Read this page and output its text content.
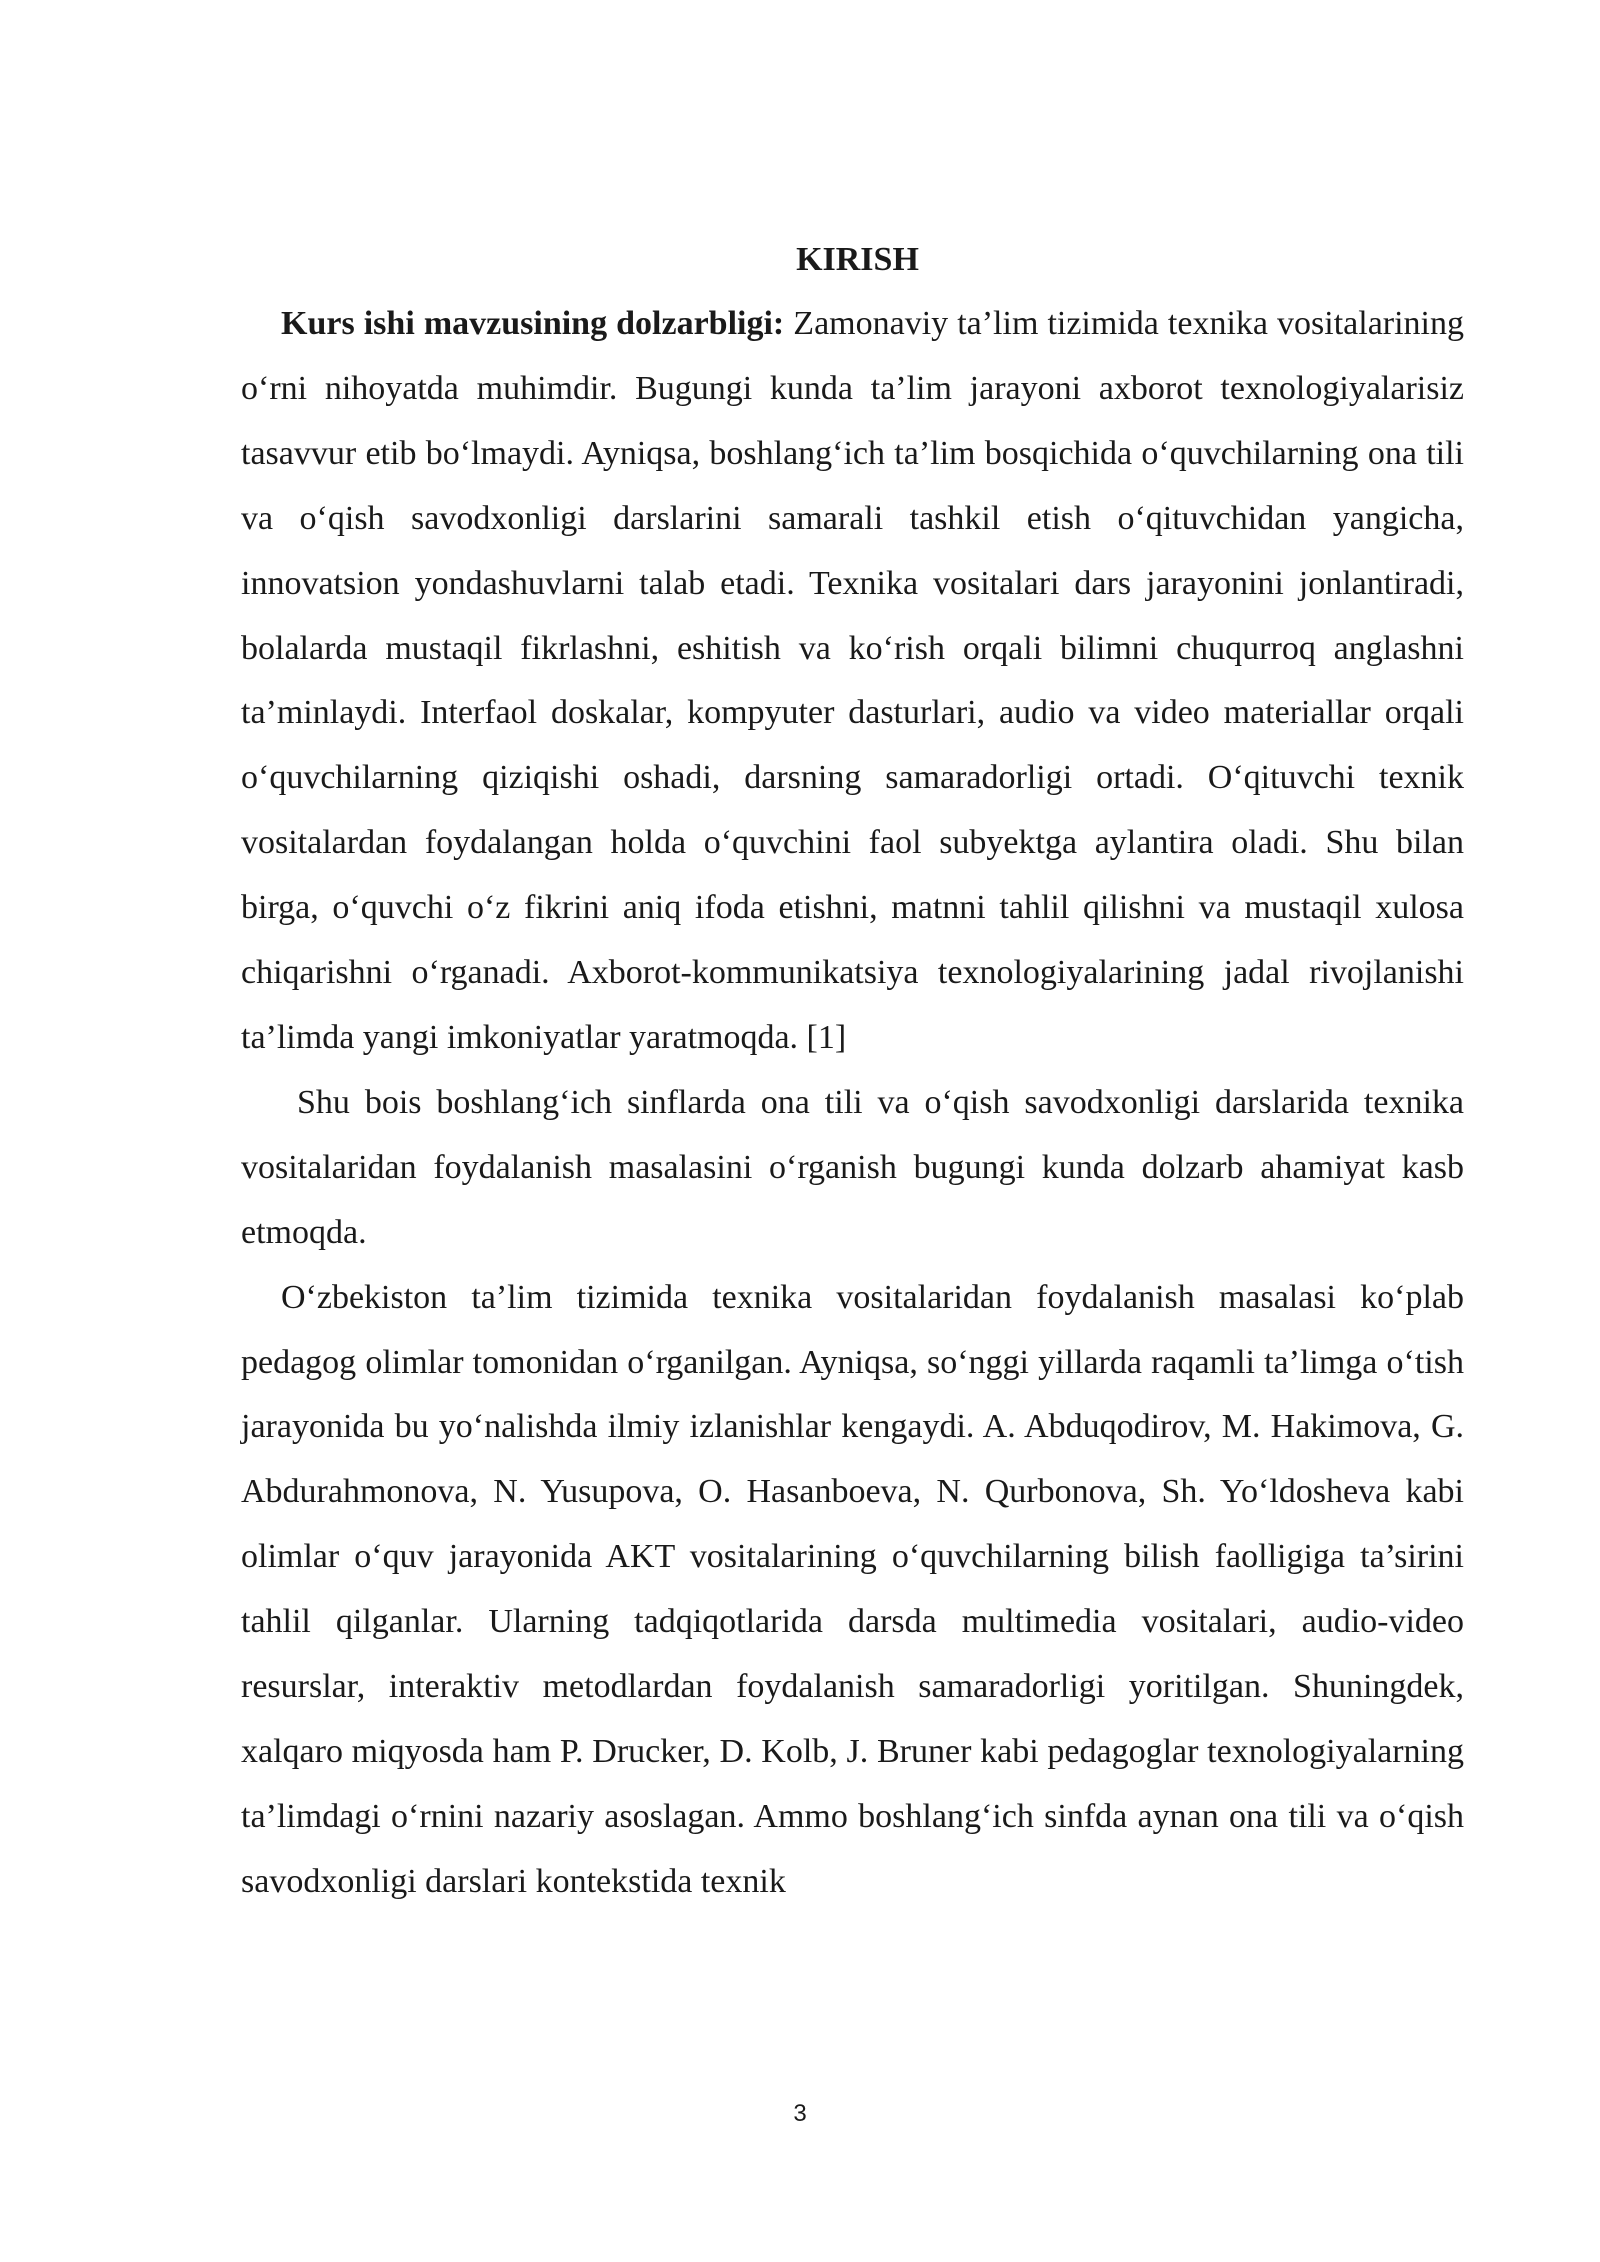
KIRISH

Kurs ishi mavzusining dolzarbligi: Zamonaviy ta’lim tizimida texnika vositalarining o‘rni nihoyatda muhimdir. Bugungi kunda ta’lim jarayoni axborot texnologiyalarisiz tasavvur etib bo‘lmaydi. Ayniqsa, boshlang‘ich ta’lim bosqichida o‘quvchilarning ona tili va o‘qish savodxonligi darslarini samarali tashkil etish o‘qituvchidan yangicha, innovatsion yondashuvlarni talab etadi. Texnika vositalari dars jarayonini jonlantiradi, bolalarda mustaqil fikrlashni, eshitish va ko‘rish orqali bilimni chuqurroq anglashni ta’minlaydi. Interfaol doskalar, kompyuter dasturlari, audio va video materiallar orqali o‘quvchilarning qiziqishi oshadi, darsning samaradorligi ortadi. O‘qituvchi texnik vositalardan foydalangan holda o‘quvchini faol subyektga aylantira oladi. Shu bilan birga, o‘quvchi o‘z fikrini aniq ifoda etishni, matnni tahlil qilishni va mustaqil xulosa chiqarishni o‘rganadi. Axborot-kommunikatsiya texnologiyalarining jadal rivojlanishi ta’limda yangi imkoniyatlar yaratmoqda. [1]

Shu bois boshlang‘ich sinflarda ona tili va o‘qish savodxonligi darslarida texnika vositalaridan foydalanish masalasini o‘rganish bugungi kunda dolzarb ahamiyat kasb etmoqda.

O‘zbekiston ta’lim tizimida texnika vositalaridan foydalanish masalasi ko‘plab pedagog olimlar tomonidan o‘rganilgan. Ayniqsa, so‘nggi yillarda raqamli ta’limga o‘tish jarayonida bu yo‘nalishda ilmiy izlanishlar kengaydi. A. Abduqodirov, M. Hakimova, G. Abdurahmonova, N. Yusupova, O. Hasanboeva, N. Qurbonova, Sh. Yo‘ldosheva kabi olimlar o‘quv jarayonida AKT vositalarining o‘quvchilarning bilish faolligiga ta’sirini tahlil qilganlar. Ularning tadqiqotlarida darsda multimedia vositalari, audio-video resurslar, interaktiv metodlardan foydalanish samaradorligi yoritilgan. Shuningdek, xalqaro miqyosda ham P. Drucker, D. Kolb, J. Bruner kabi pedagoglar texnologiyalarning ta’limdagi o‘rnini nazariy asoslagan. Ammo boshlang‘ich sinfda aynan ona tili va o‘qish savodxonligi darslari kontekstida texnik

3
